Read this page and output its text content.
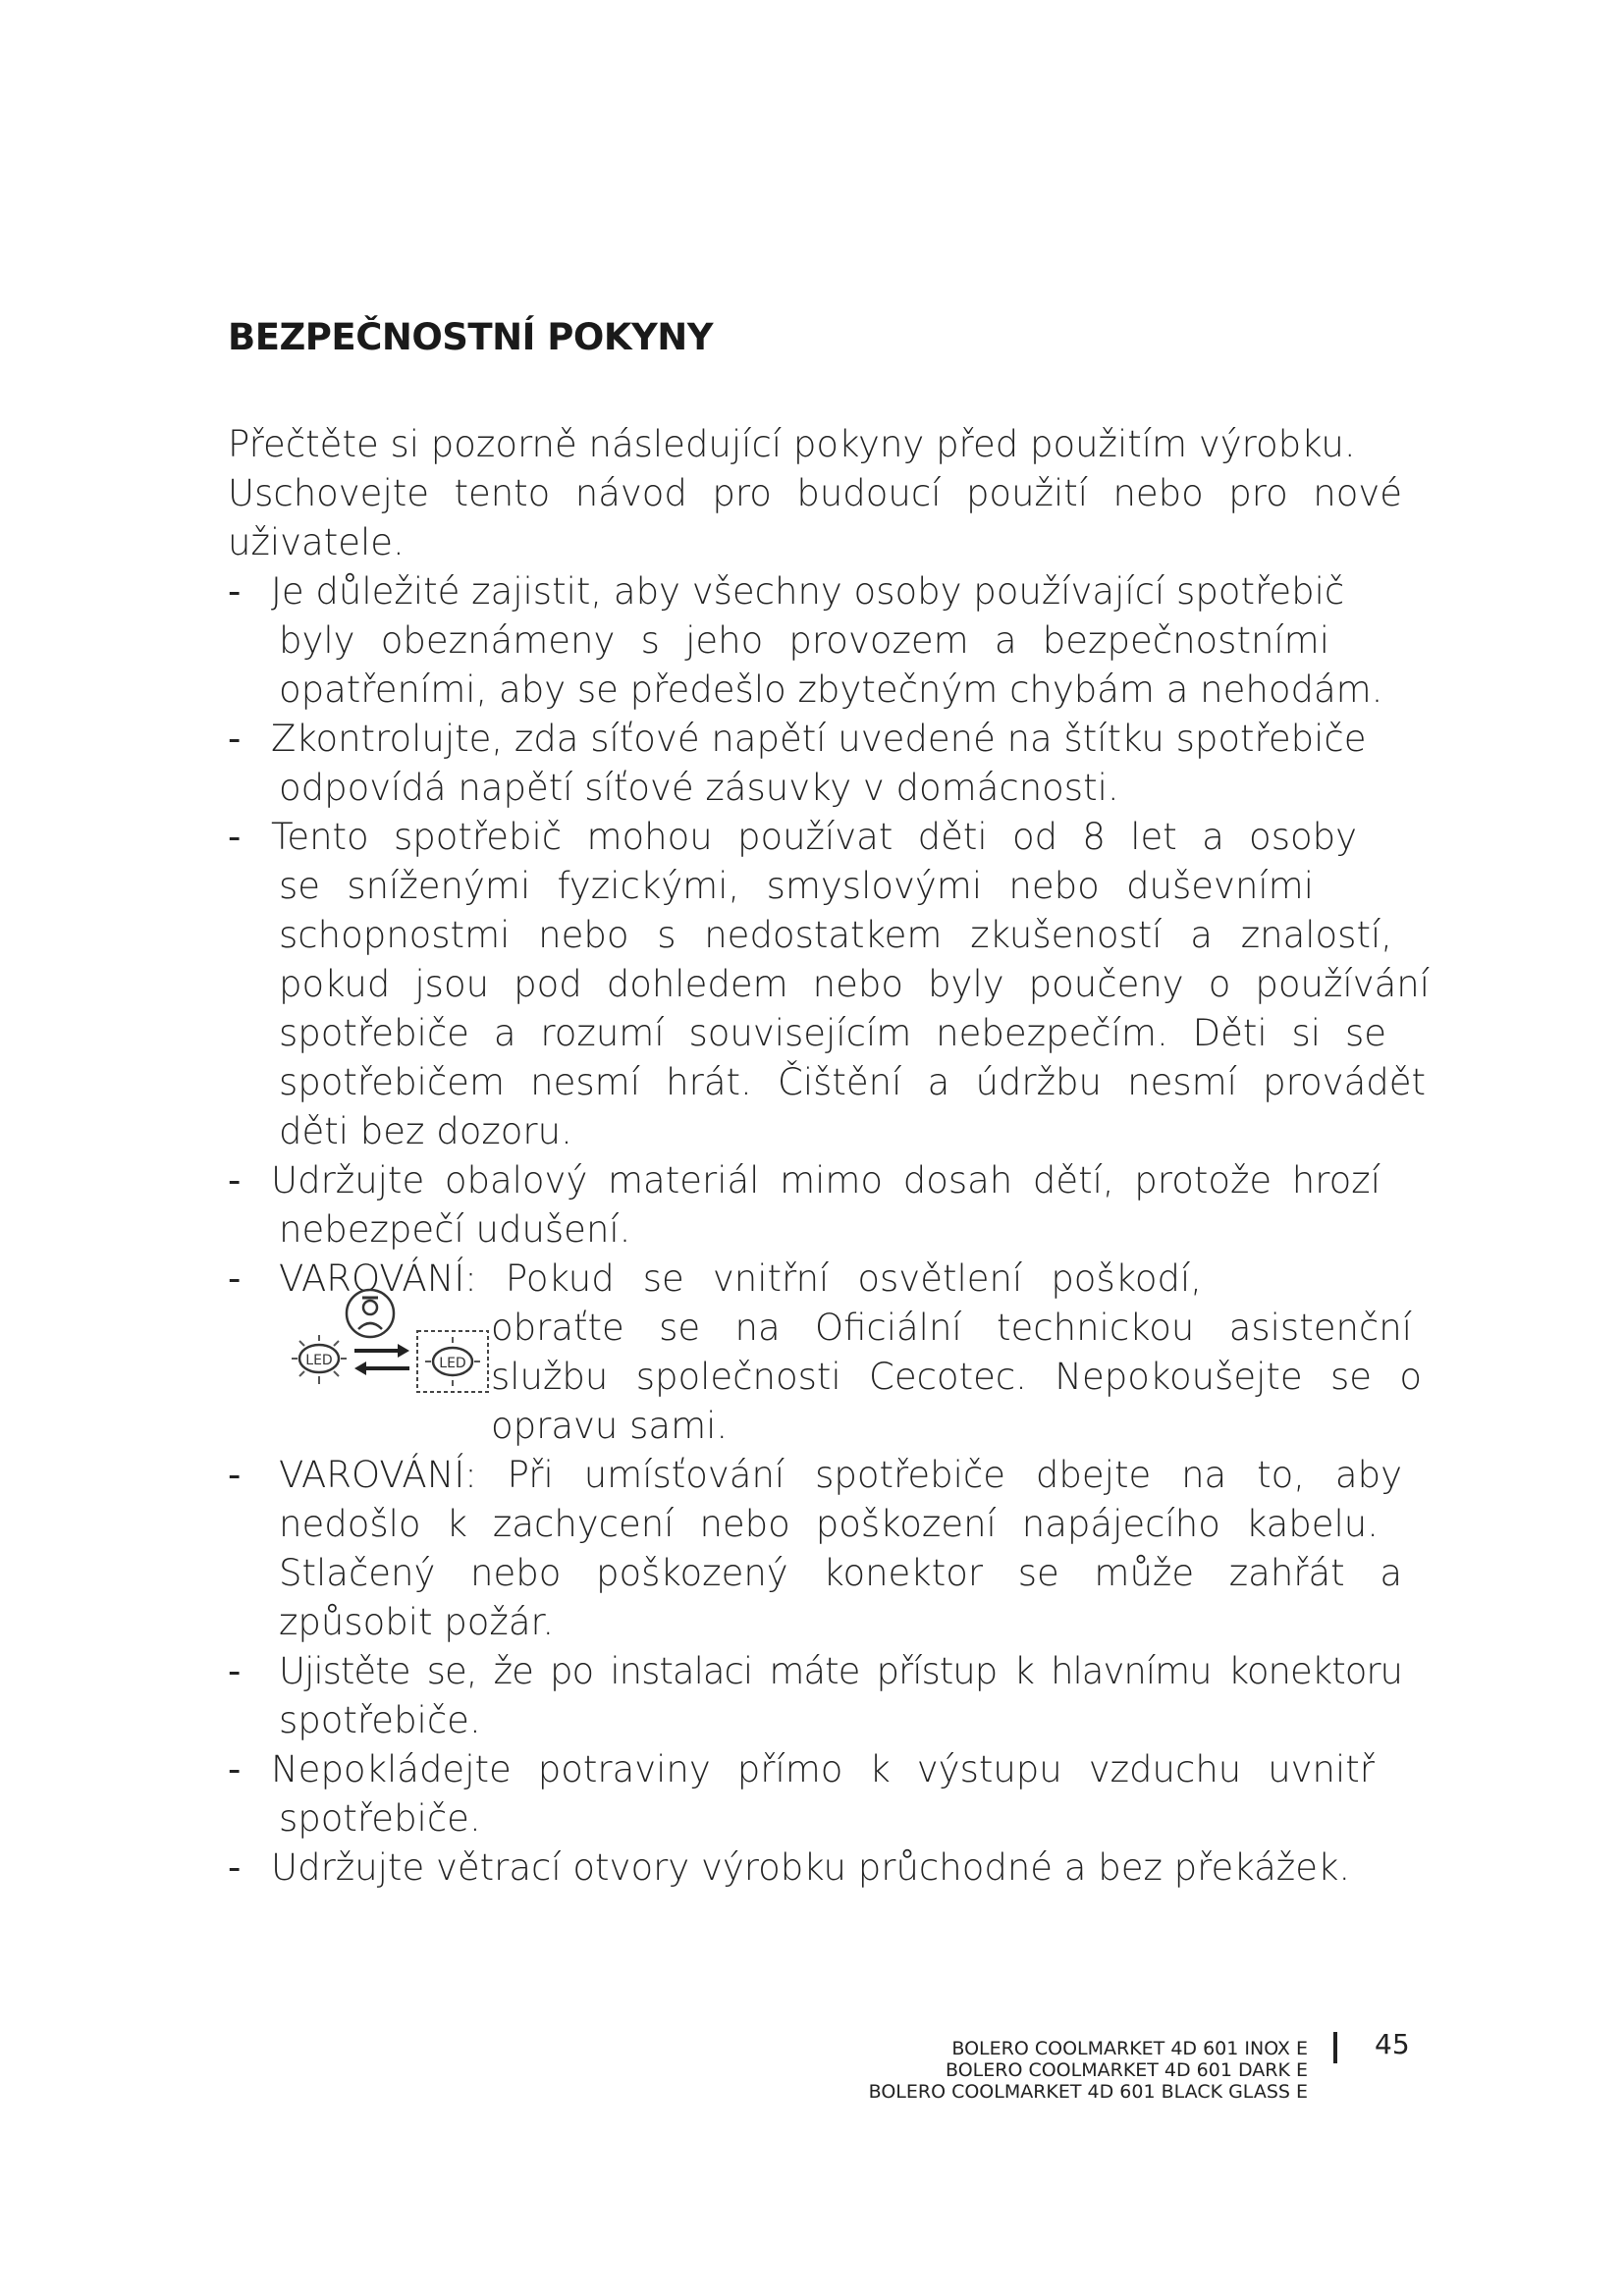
BEZPEČNOSTNÍ POKYNY
Přečtěte si pozorně následující pokyny před použitím výrobku.
Uschovejte tento návod pro budoucí použití nebo pro nové
uživatele.
- Je důležité zajistit, aby všechny osoby používající spotřebič
byly obeznámeny s jeho provozem a bezpečnostními
opatřeními, aby se předešlo zbytečným chybám a nehodám.
- Zkontrolujte, zda síťové napětí uvedené na štítku spotřebiče
odpovídá napětí síťové zásuvky v domácnosti.
- Tento spotřebič mohou používat děti od 8 let a osoby
se sníženými fyzickými, smyslovými nebo duševními
schopnostmi nebo s nedostatkem zkušeností a znalostí,
pokud jsou pod dohledem nebo byly poučeny o používání
spotřebiče a rozumí souvisejícím nebezpečím. Děti si se
spotřebičem nesmí hrát. Čištění a údržbu nesmí provádět
děti bez dozoru.
- Udržujte obalový materiál mimo dosah dětí, protože hrozí
nebezpečí udušení.
- VAROVÁNÍ: Pokud se vnitřní osvětlení poškodí,
LED	LED
obraťte se na Oficiální technickou asistenční
službu společnosti Cecotec. Nepokoušejte se o
opravu sami.
- VAROVÁNÍ: Při umísťování spotřebiče dbejte na to, aby
nedošlo k zachycení nebo poškození napájecího kabelu.
Stlačený nebo poškozený konektor se může zahřát a
způsobit požár.
- Ujistěte se, že po instalaci máte přístup k hlavnímu konektoru
spotřebiče.
- Nepokládejte potraviny přímo k výstupu vzduchu uvnitř
spotřebiče.
- Udržujte větrací otvory výrobku průchodné a bez překážek.
BOLERO COOLMARKET 4D 601 INOX E
BOLERO COOLMARKET 4D 601 DARK E
BOLERO COOLMARKET 4D 601 BLACK GLASS E
45
